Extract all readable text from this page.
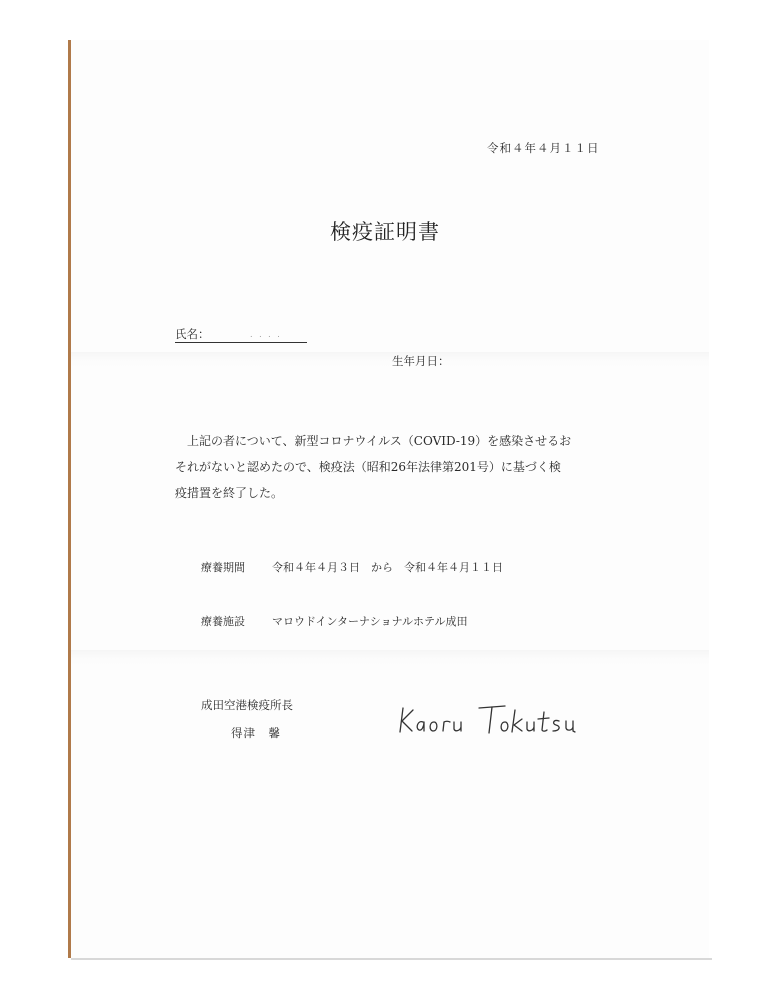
令和４年４月１１日
検疫証明書
氏名：	. . . .
生年月日：

上記の者について、新型コロナウイルス（COVID-19）を感染させるお

それがないと認めたので、検疫法（昭和26年法律第201号）に基づく検

疫措置を終了した。

療養期間 令和４年４月３日　から　令和４年４月１１日
療養施設 マロウドインターナショナルホテル成田
成田空港検疫所長
得津　馨
